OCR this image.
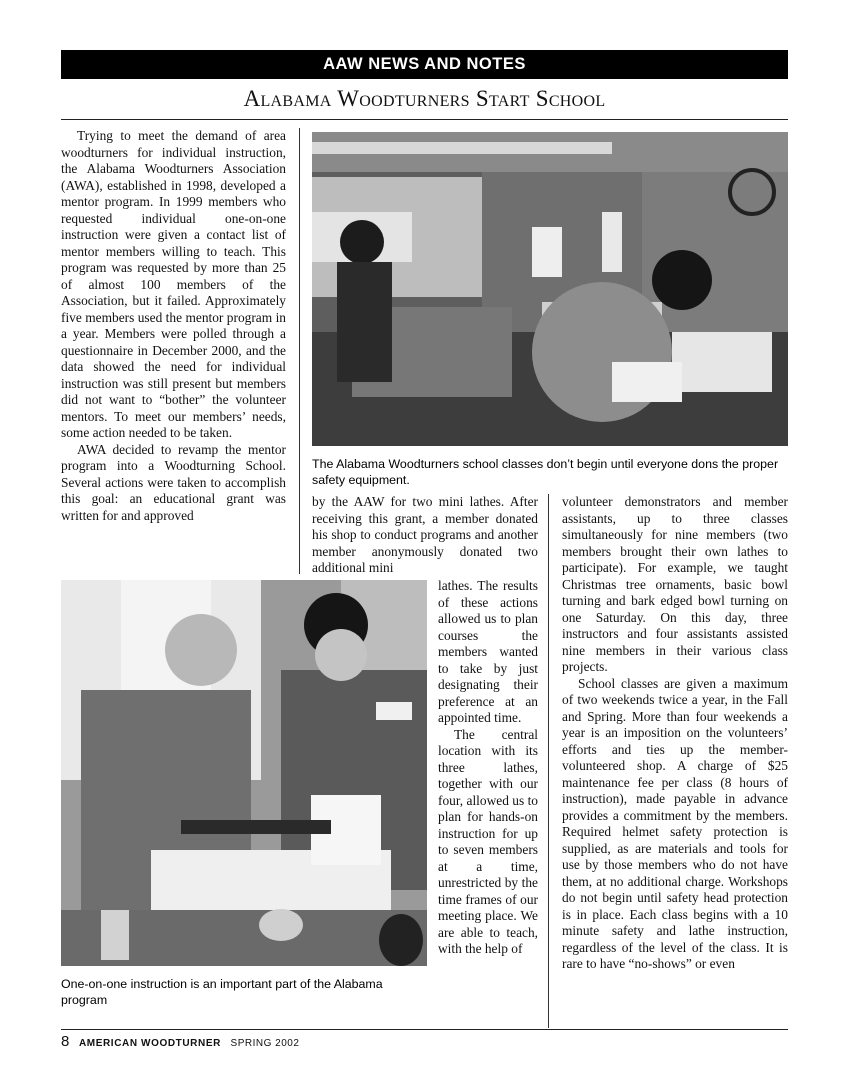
AAW NEWS AND NOTES
Alabama Woodturners Start School

Trying to meet the demand of area woodturners for individual instruction, the Alabama Woodturners Association (AWA), established in 1998, developed a mentor program. In 1999 members who requested individual one-on-one instruction were given a contact list of mentor members willing to teach. This program was requested by more than 25 of almost 100 members of the Association, but it failed. Approximately five members used the mentor program in a year. Members were polled through a questionnaire in December 2000, and the data showed the need for individual instruction was still present but members did not want to “bother” the volunteer mentors. To meet our members’ needs, some action needed to be taken.

AWA decided to revamp the mentor program into a Woodturning School. Several actions were taken to accomplish this goal: an educational grant was written for and approved

The Alabama Woodturners school classes don’t begin until everyone dons the proper safety equipment.

by the AAW for two mini lathes. After receiving this grant, a member donated his shop to conduct programs and another member anonymously donated two additional mini

One-on-one instruction is an important part of the Alabama program

lathes. The results of these actions allowed us to plan courses the members wanted to take by just designating their preference at an appointed time.

The central location with its three lathes, together with our four, allowed us to plan for hands-on instruction for up to seven members at a time, unrestricted by the time frames of our meeting place. We are able to teach, with the help of

volunteer demonstrators and member assistants, up to three classes simultaneously for nine members (two members brought their own lathes to participate). For example, we taught Christmas tree ornaments, basic bowl turning and bark edged bowl turning on one Saturday. On this day, three instructors and four assistants assisted nine members in their various class projects.

School classes are given a maximum of two weekends twice a year, in the Fall and Spring. More than four weekends a year is an imposition on the volunteers’ efforts and ties up the member-volunteered shop. A charge of $25 maintenance fee per class (8 hours of instruction), made payable in advance provides a commitment by the members. Required helmet safety protection is supplied, as are materials and tools for use by those members who do not have them, at no additional charge. Workshops do not begin until safety head protection is in place. Each class begins with a 10 minute safety and lathe instruction, regardless of the level of the class. It is rare to have “no-shows” or even

8 AMERICAN WOODTURNER SPRING 2002
